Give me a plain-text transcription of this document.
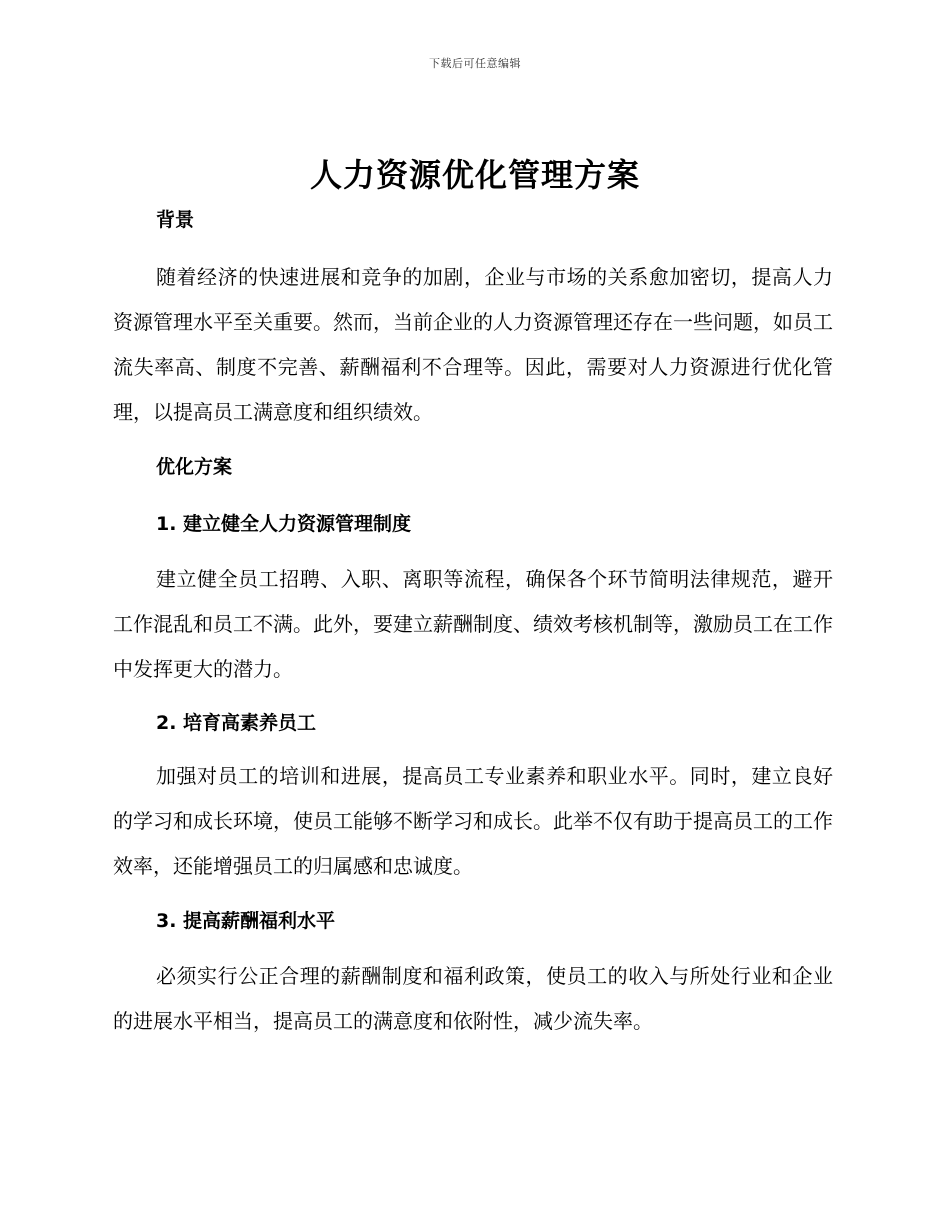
下载后可任意编辑
人力资源优化管理方案

背景

随着经济的快速进展和竞争的加剧，企业与市场的关系愈加密切，提高人力资源管理水平至关重要。然而，当前企业的人力资源管理还存在一些问题，如员工流失率高、制度不完善、薪酬福利不合理等。因此，需要对人力资源进行优化管理，以提高员工满意度和组织绩效。

优化方案

1. 建立健全人力资源管理制度

建立健全员工招聘、入职、离职等流程，确保各个环节简明法律规范，避开工作混乱和员工不满。此外，要建立薪酬制度、绩效考核机制等，激励员工在工作中发挥更大的潜力。

2. 培育高素养员工

加强对员工的培训和进展，提高员工专业素养和职业水平。同时，建立良好的学习和成长环境，使员工能够不断学习和成长。此举不仅有助于提高员工的工作效率，还能增强员工的归属感和忠诚度。

3. 提高薪酬福利水平

必须实行公正合理的薪酬制度和福利政策，使员工的收入与所处行业和企业的进展水平相当，提高员工的满意度和依附性，减少流失率。
